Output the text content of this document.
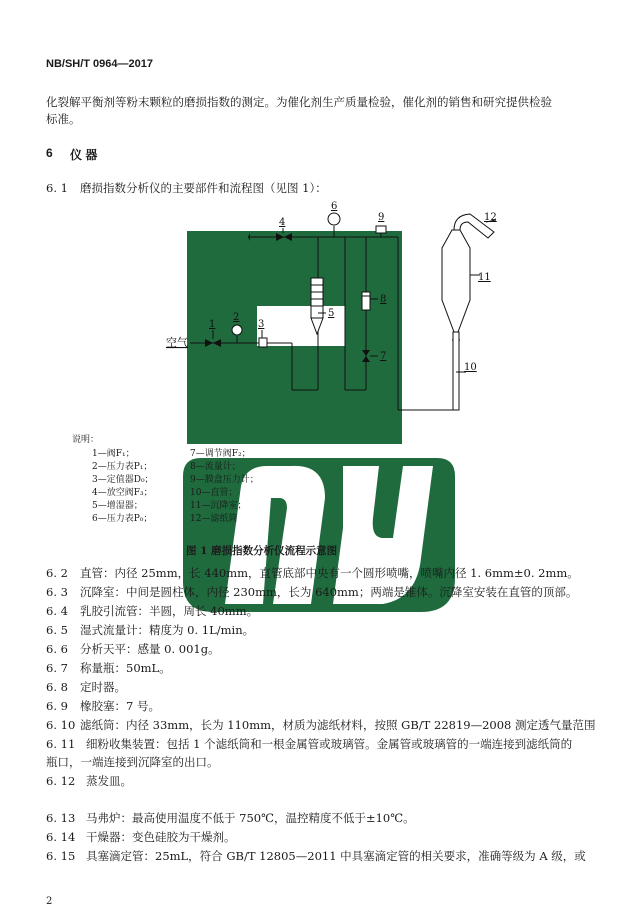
NB/SH/T 0964—2017
化裂解平衡剂等粉末颗粒的磨损指数的测定。为催化剂生产质量检验，催化剂的销售和研究提供检验
标准。
6 仪 器
6. 1 磨损指数分析仪的主要部件和流程图（见图 1）：
空气
1
2
3
4
5
6
7
8
9
10
11
12
说明：
1—阀F₁；
2—压力表P₁；
3—定值器D₀；
4—放空阀F₃；
5—增湿器；
6—压力表P₀；
7—调节阀F₂；
8—流量计；
9—膜盒压力计；
10—直管；
11—沉降室；
12—滤纸筒
图 1 磨损指数分析仪流程示意图
6. 2 直管：内径 25mm，长 440mm，直管底部中央有一个圆形喷嘴，喷嘴内径 1. 6mm±0. 2mm。
6. 3 沉降室：中间是圆柱体，内径 230mm，长为 640mm；两端是锥体。沉降室安装在直管的顶部。
6. 4 乳胶引流管：半圆，周长 40mm。
6. 5 湿式流量计：精度为 0. 1L/min。
6. 6 分析天平：感量 0. 001g。
6. 7 称量瓶：50mL。
6. 8 定时器。
6. 9 橡胶塞：7 号。
6. 10 滤纸筒：内径 33mm，长为 110mm，材质为滤纸材料，按照 GB/T 22819—2008 测定透气量范围
6. 11 细粉收集装置：包括 1 个滤纸筒和一根金属管或玻璃管。金属管或玻璃管的一端连接到滤纸筒的
瓶口，一端连接到沉降室的出口。
6. 12 蒸发皿。
6. 13 马弗炉：最高使用温度不低于 750℃，温控精度不低于±10℃。
6. 14 干燥器：变色硅胶为干燥剂。
6. 15 具塞滴定管：25mL，符合 GB/T 12805—2011 中具塞滴定管的相关要求，准确等级为 A 级，或
2
